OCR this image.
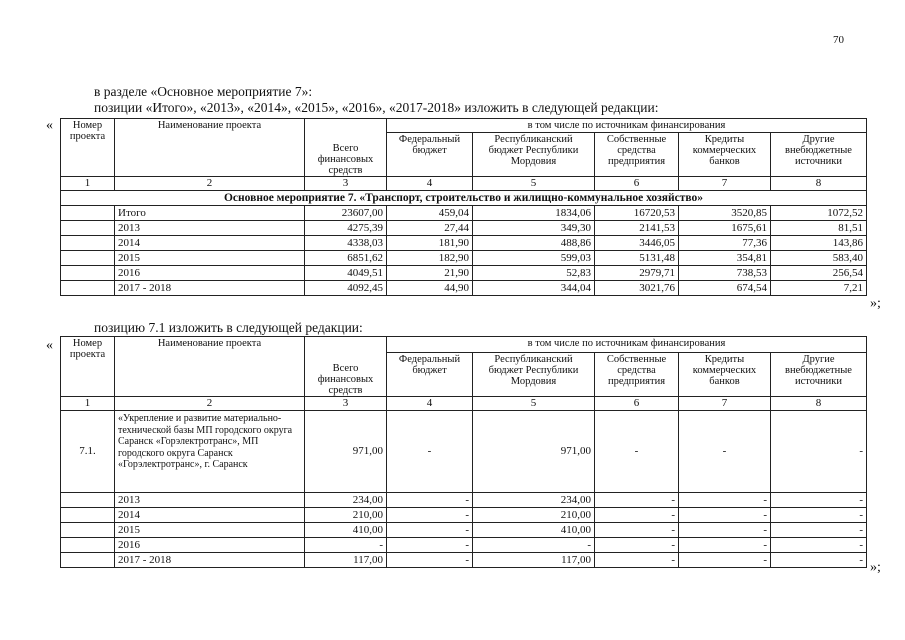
70
в разделе «Основное мероприятие 7»:
позиции «Итого», «2013», «2014», «2015», «2016», «2017-2018» изложить в следующей редакции:
« Номер проекта	Наименование проекта	Всего финансовых средств	в том числе по источникам финансирования				
			Федеральный бюджет	Республиканский бюджет Республики Мордовия	Собственные средства предприятия	Кредиты коммерческих банков	Другие внебюджетные источники
1	2	3	4	5	6	7	8
Основное мероприятие 7. «Транспорт, строительство и жилищно-коммунальное хозяйство»							
	Итого	23607,00	459,04	1834,06	16720,53	3520,85	1072,52
	2013	4275,39	27,44	349,30	2141,53	1675,61	81,51
	2014	4338,03	181,90	488,86	3446,05	77,36	143,86
	2015	6851,62	182,90	599,03	5131,48	354,81	583,40
	2016	4049,51	21,90	52,83	2979,71	738,53	256,54
	2017 - 2018	4092,45	44,90	344,04	3021,76	674,54	7,21
»;
позицию 7.1 изложить в следующей редакции:
« Номер проекта	Наименование проекта	Всего финансовых средств	в том числе по источникам финансирования				
			Федеральный бюджет	Республиканский бюджет Республики Мордовия	Собственные средства предприятия	Кредиты коммерческих банков	Другие внебюджетные источники
1	2	3	4	5	6	7	8
7.1.	«Укрепление и развитие материально-технической базы МП городского округа Саранск «Горэлектротранс», МП городского округа Саранск «Горэлектротранс», г. Саранск	971,00	-	971,00	-	-	-
	2013	234,00	-	234,00	-	-	-
	2014	210,00	-	210,00	-	-	-
	2015	410,00	-	410,00	-	-	-
	2016	-	-	-	-	-	-
	2017 - 2018	117,00	-	117,00	-	-	-
»;
